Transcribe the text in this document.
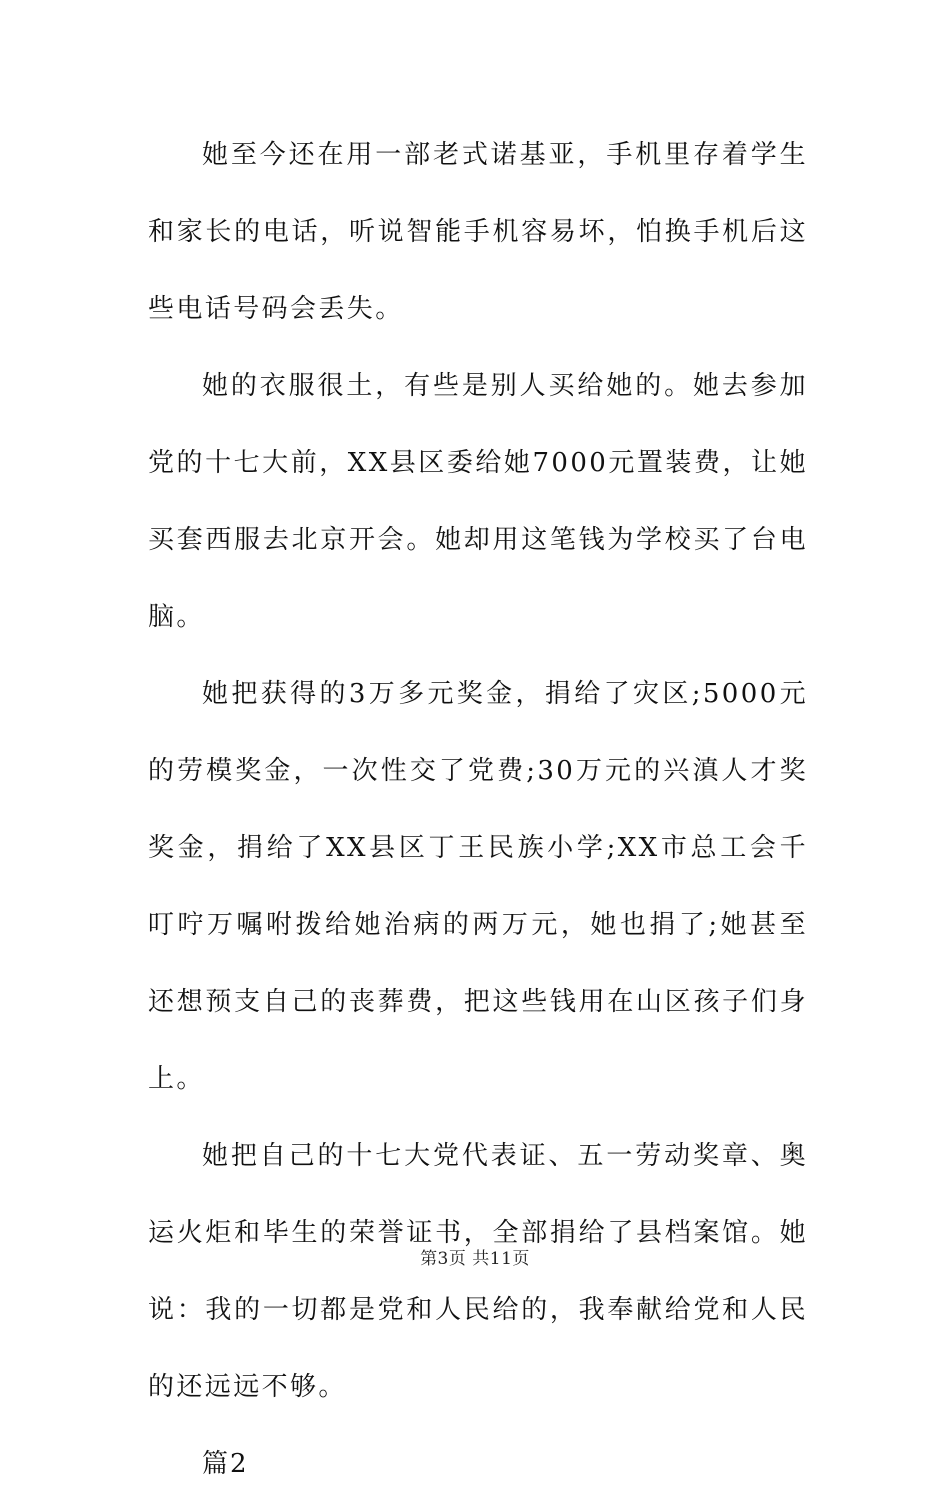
她至今还在用一部老式诺基亚，手机里存着学生和家长的电话，听说智能手机容易坏，怕换手机后这些电话号码会丢失。

她的衣服很土，有些是别人买给她的。她去参加党的十七大前，XX县区委给她7000元置装费，让她买套西服去北京开会。她却用这笔钱为学校买了台电脑。

她把获得的3万多元奖金，捐给了灾区;5000元的劳模奖金，一次性交了党费;30万元的兴滇人才奖奖金，捐给了XX县区丁王民族小学;XX市总工会千叮咛万嘱咐拨给她治病的两万元，她也捐了;她甚至还想预支自己的丧葬费，把这些钱用在山区孩子们身上。

她把自己的十七大党代表证、五一劳动奖章、奥运火炬和毕生的荣誉证书，全部捐给了县档案馆。她说：我的一切都是党和人民给的，我奉献给党和人民的还远远不够。

篇2

第3页 共11页
